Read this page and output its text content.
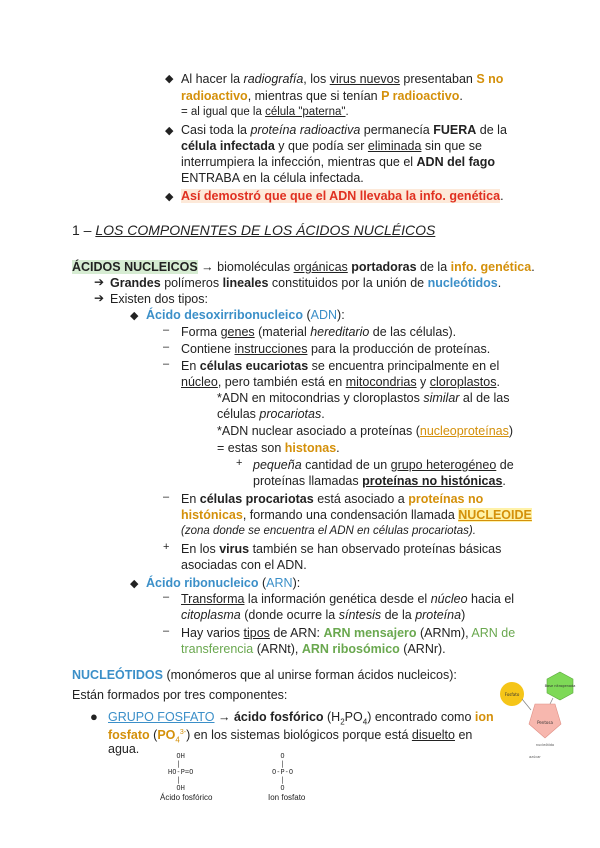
◆ Al hacer la radiografía, los virus nuevos presentaban S no
radioactivo, mientras que si tenían P radioactivo.
= al igual que la célula "paterna".
◆ Casi toda la proteína radioactiva permanecía FUERA de la
célula infectada y que podía ser eliminada sin que se
interrumpiera la infección, mientras que el ADN del fago
ENTRABA en la célula infectada.
◆ Así demostró que que el ADN llevaba la info. genética.
1 – LOS COMPONENTES DE LOS ÁCIDOS NUCLÉICOS
ÁCIDOS NUCLEICOS → biomoléculas orgánicas portadoras de la info. genética.
➔ Grandes polímeros lineales constituidos por la unión de nucleótidos.
➔ Existen dos tipos:
◆ Ácido desoxirribonucleico (ADN):
– Forma genes (material hereditario de las células).
– Contiene instrucciones para la producción de proteínas.
– En células eucariotas se encuentra principalmente en el
núcleo, pero también está en mitocondrias y cloroplastos.
*ADN en mitocondrias y cloroplastos similar al de las
células procariotas.
*ADN nuclear asociado a proteínas (nucleoproteínas)
= estas son histonas.
+ pequeña cantidad de un grupo heterogéneo de
proteínas llamadas proteínas no histónicas.
– En células procariotas está asociado a proteínas no
histónicas, formando una condensación llamada NUCLEOIDE
(zona donde se encuentra el ADN en células procariotas).
+ En los virus también se han observado proteínas básicas
asociadas con el ADN.
◆ Ácido ribonucleico (ARN):
– Transforma la información genética desde el núcleo hacia el
citoplasma (donde ocurre la síntesis de la proteína)
– Hay varios tipos de ARN: ARN mensajero (ARNm), ARN de
transferencia (ARNt), ARN ribosómico (ARNr).
NUCLEÓTIDOS (monómeros que al unirse forman ácidos nucleicos):
Están formados por tres componentes:
● GRUPO FOSFATO → ácido fosfórico $(H_2PO_4)$ encontrado como ion
fosfato $(PO_4^{3-})$ en los sistemas biológicos porque está disuelto en
agua.	OH
|
HO-P=O
|
OH
Ácido fosfórico
O
|
O-P-O
|
O
Ion fosfato
Fosfato
Base nitrogenada
Pentosa
nucleótido
azúcar
